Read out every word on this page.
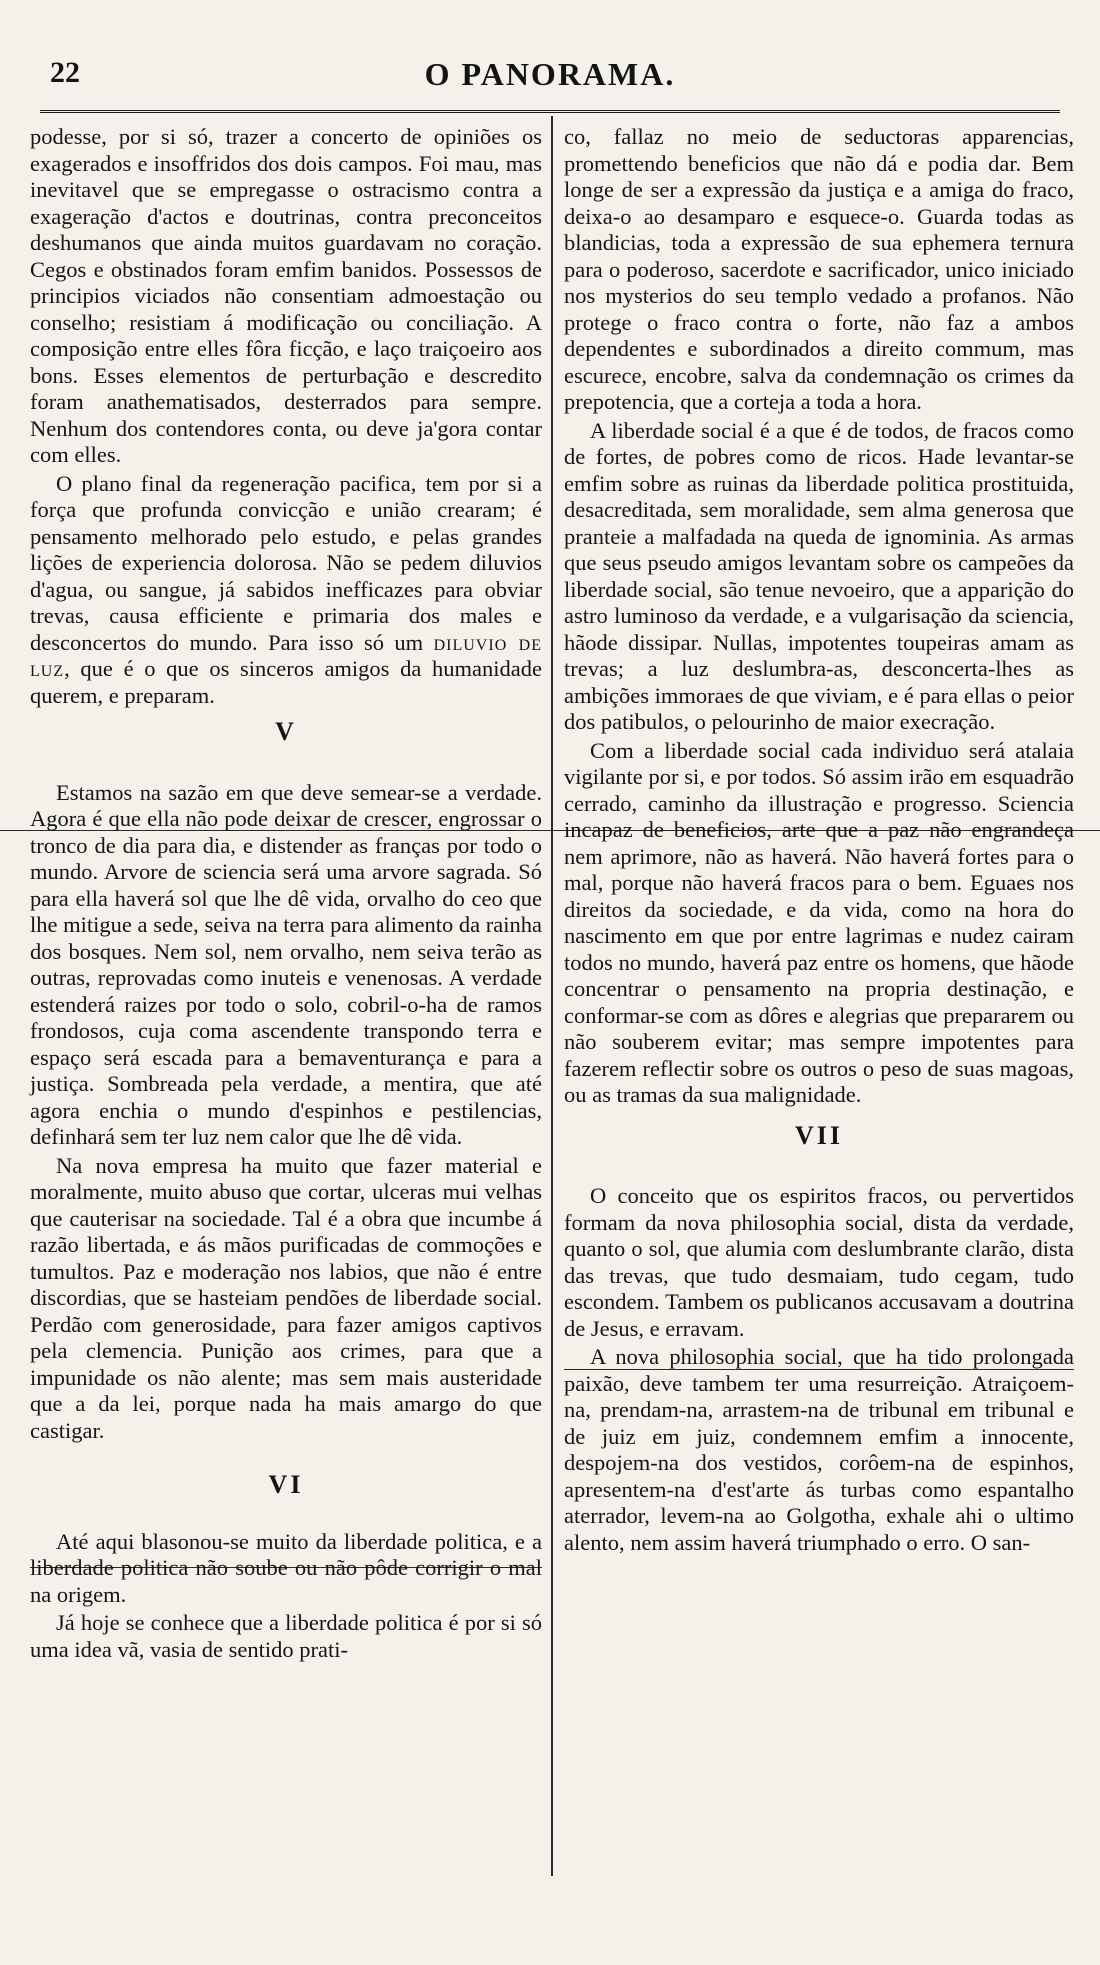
22	O PANORAMA.

podesse, por si só, trazer a concerto de opiniões os exagerados e insoffridos dos dois campos. Foi mau, mas inevitavel que se empregasse o ostracismo contra a exageração d'actos e doutrinas, contra preconceitos deshumanos que ainda muitos guardavam no coração. Cegos e obstinados foram emfim banidos. Possessos de principios viciados não consentiam admoestação ou conselho; resistiam á modificação ou conciliação. A composição entre elles fôra ficção, e laço traiçoeiro aos bons. Esses elementos de perturbação e descredito foram anathematisados, desterrados para sempre. Nenhum dos contendores conta, ou deve ja'gora contar com elles.

O plano final da regeneração pacifica, tem por si a força que profunda convicção e união crearam; é pensamento melhorado pelo estudo, e pelas grandes lições de experiencia dolorosa. Não se pedem diluvios d'agua, ou sangue, já sabidos inefficazes para obviar trevas, causa efficiente e primaria dos males e desconcertos do mundo. Para isso só um diluvio de luz, que é o que os sinceros amigos da humanidade querem, e preparam.

V

Estamos na sazão em que deve semear-se a verdade. Agora é que ella não pode deixar de crescer, engrossar o tronco de dia para dia, e distender as franças por todo o mundo. Arvore de sciencia será uma arvore sagrada. Só para ella haverá sol que lhe dê vida, orvalho do ceo que lhe mitigue a sede, seiva na terra para alimento da rainha dos bosques. Nem sol, nem orvalho, nem seiva terão as outras, reprovadas como inuteis e venenosas. A verdade estenderá raizes por todo o solo, cobril-o-ha de ramos frondosos, cuja coma ascendente transpondo terra e espaço será escada para a bemaventurança e para a justiça. Sombreada pela verdade, a mentira, que até agora enchia o mundo d'espinhos e pestilencias, definhará sem ter luz nem calor que lhe dê vida.

Na nova empresa ha muito que fazer material e moralmente, muito abuso que cortar, ulceras mui velhas que cauterisar na sociedade. Tal é a obra que incumbe á razão libertada, e ás mãos purificadas de commoções e tumultos. Paz e moderação nos labios, que não é entre discordias, que se hasteiam pendões de liberdade social. Perdão com generosidade, para fazer amigos captivos pela clemencia. Punição aos crimes, para que a impunidade os não alente; mas sem mais austeridade que a da lei, porque nada ha mais amargo do que castigar.

VI

Até aqui blasonou-se muito da liberdade politica, e a liberdade politica não soube ou não pôde corrigir o mal na origem.

Já hoje se conhece que a liberdade politica é por si só uma idea vã, vasia de sentido prati-

co, fallaz no meio de seductoras apparencias, promettendo beneficios que não dá e podia dar. Bem longe de ser a expressão da justiça e a amiga do fraco, deixa-o ao desamparo e esquece-o. Guarda todas as blandicias, toda a expressão de sua ephemera ternura para o poderoso, sacerdote e sacrificador, unico iniciado nos mysterios do seu templo vedado a profanos. Não protege o fraco contra o forte, não faz a ambos dependentes e subordinados a direito commum, mas escurece, encobre, salva da condemnação os crimes da prepotencia, que a corteja a toda a hora.

A liberdade social é a que é de todos, de fracos como de fortes, de pobres como de ricos. Hade levantar-se emfim sobre as ruinas da liberdade politica prostituida, desacreditada, sem moralidade, sem alma generosa que pranteie a malfadada na queda de ignominia. As armas que seus pseudo amigos levantam sobre os campeões da liberdade social, são tenue nevoeiro, que a apparição do astro luminoso da verdade, e a vulgarisação da sciencia, hãode dissipar. Nullas, impotentes toupeiras amam as trevas; a luz deslumbra-as, desconcerta-lhes as ambições immoraes de que viviam, e é para ellas o peior dos patibulos, o pelourinho de maior execração.

Com a liberdade social cada individuo será atalaia vigilante por si, e por todos. Só assim irão em esquadrão cerrado, caminho da illustração e progresso. Sciencia incapaz de beneficios, arte que a paz não engrandeça nem aprimore, não as haverá. Não haverá fortes para o mal, porque não haverá fracos para o bem. Eguaes nos direitos da sociedade, e da vida, como na hora do nascimento em que por entre lagrimas e nudez cairam todos no mundo, haverá paz entre os homens, que hãode concentrar o pensamento na propria destinação, e conformar-se com as dôres e alegrias que prepararem ou não souberem evitar; mas sempre impotentes para fazerem reflectir sobre os outros o peso de suas magoas, ou as tramas da sua malignidade.

VII

O conceito que os espiritos fracos, ou pervertidos formam da nova philosophia social, dista da verdade, quanto o sol, que alumia com deslumbrante clarão, dista das trevas, que tudo desmaiam, tudo cegam, tudo escondem. Tambem os publicanos accusavam a doutrina de Jesus, e erravam.

A nova philosophia social, que ha tido prolongada paixão, deve tambem ter uma resurreição. Atraiçoem-na, prendam-na, arrastem-na de tribunal em tribunal e de juiz em juiz, condemnem emfim a innocente, despojem-na dos vestidos, corôem-na de espinhos, apresentem-na d'est'arte ás turbas como espantalho aterrador, levem-na ao Golgotha, exhale ahi o ultimo alento, nem assim haverá triumphado o erro. O san-
